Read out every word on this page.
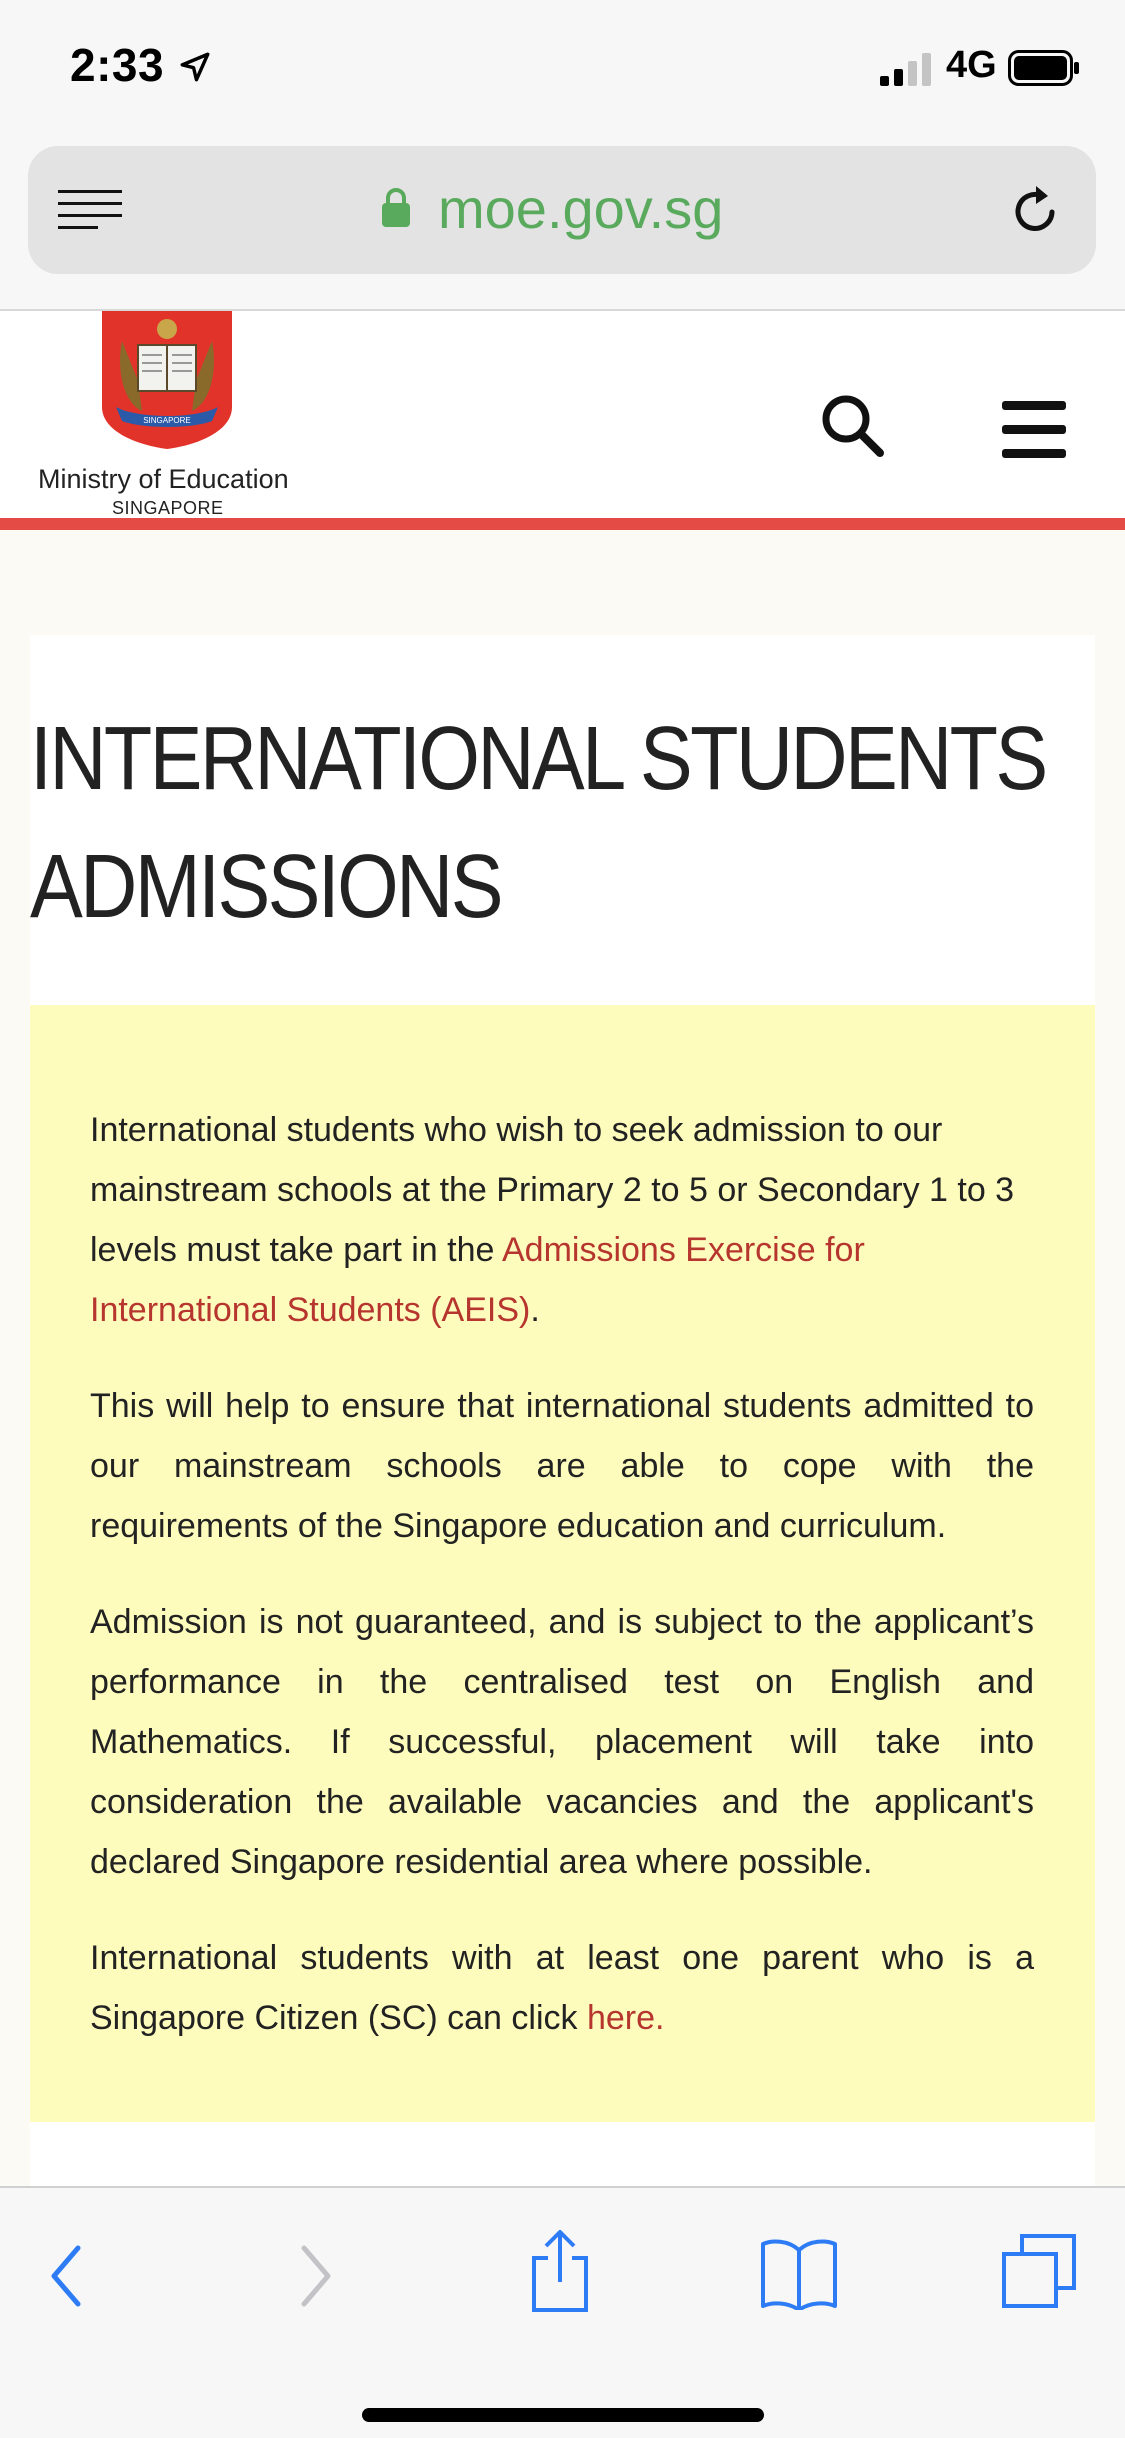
2:33	4G
moe.gov.sg
SINGAPORE
Ministry of Education
SINGAPORE
INTERNATIONAL STUDENTS
ADMISSIONS

International students who wish to seek admission to our mainstream schools at the Primary 2 to 5 or Secondary 1 to 3 levels must take part in the Admissions Exercise for International Students (AEIS).

This will help to ensure that international students admitted to our mainstream schools are able to cope with the requirements of the Singapore education and curriculum.

Admission is not guaranteed, and is subject to the applicant’s performance in the centralised test on English and Mathematics. If successful, placement will take into consideration the available vacancies and the applicant's declared Singapore residential area where possible.

International students with at least one parent who is a Singapore Citizen (SC) can click here.
